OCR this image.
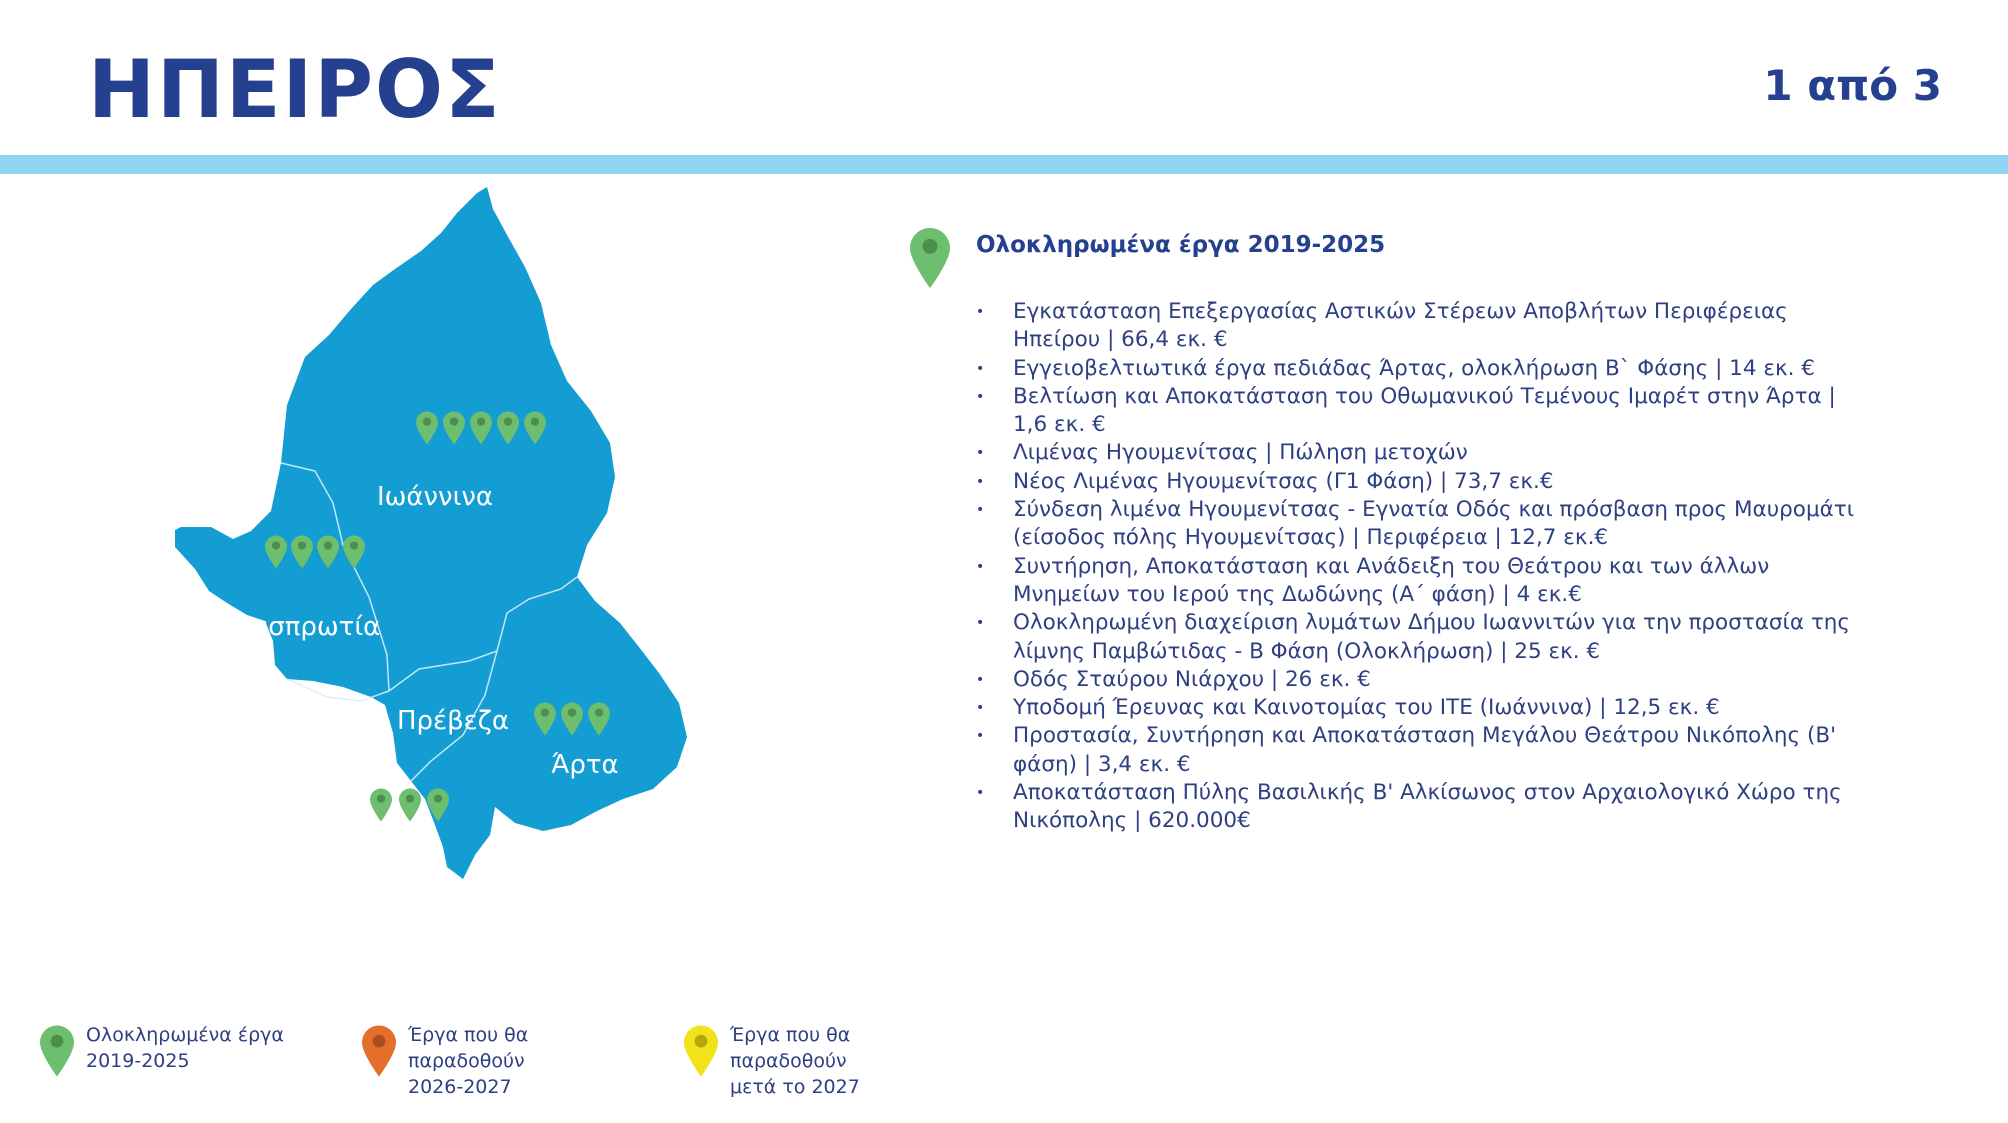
ΗΠΕΙΡΟΣ	1 από 3
Ιωάννινα
Θεσπρωτία
Πρέβεζα
Άρτα
Ολοκληρωμένα έργα 2019-2025
• Εγκατάσταση Επεξεργασίας Αστικών Στέρεων Αποβλήτων Περιφέρειας Ηπείρου | 66,4 εκ. €
• Εγγειοβελτιωτικά έργα πεδιάδας Άρτας, ολοκλήρωση Β` Φάσης | 14 εκ. €
• Βελτίωση και Αποκατάσταση του Οθωμανικού Τεμένους Ιμαρέτ στην Άρτα | 1,6 εκ. €
• Λιμένας Ηγουμενίτσας | Πώληση μετοχών
• Νέος Λιμένας Ηγουμενίτσας (Γ1 Φάση) | 73,7 εκ.€
• Σύνδεση λιμένα Ηγουμενίτσας - Εγνατία Οδός και πρόσβαση προς Μαυρομάτι (είσοδος πόλης Ηγουμενίτσας) | Περιφέρεια | 12,7 εκ.€
• Συντήρηση, Αποκατάσταση και Ανάδειξη του Θεάτρου και των άλλων Μνημείων του Ιερού της Δωδώνης (Α΄ φάση) | 4 εκ.€
• Ολοκληρωμένη διαχείριση λυμάτων Δήμου Ιωαννιτών για την προστασία της λίμνης Παμβώτιδας - Β Φάση (Ολοκλήρωση) | 25 εκ. €
• Οδός Σταύρου Νιάρχου | 26 εκ. €
• Υποδομή Έρευνας και Καινοτομίας του ΙΤΕ (Ιωάννινα) | 12,5 εκ. €
• Προστασία, Συντήρηση και Αποκατάσταση Μεγάλου Θεάτρου Νικόπολης (Β' φάση) | 3,4 εκ. €
• Αποκατάσταση Πύλης Βασιλικής Β' Αλκίσωνος στον Αρχαιολογικό Χώρο της Νικόπολης | 620.000€
Ολοκληρωμένα έργα
2019-2025
Έργα που θα παραδοθούν
2026-2027
Έργα που θα παραδοθούν
μετά το 2027
